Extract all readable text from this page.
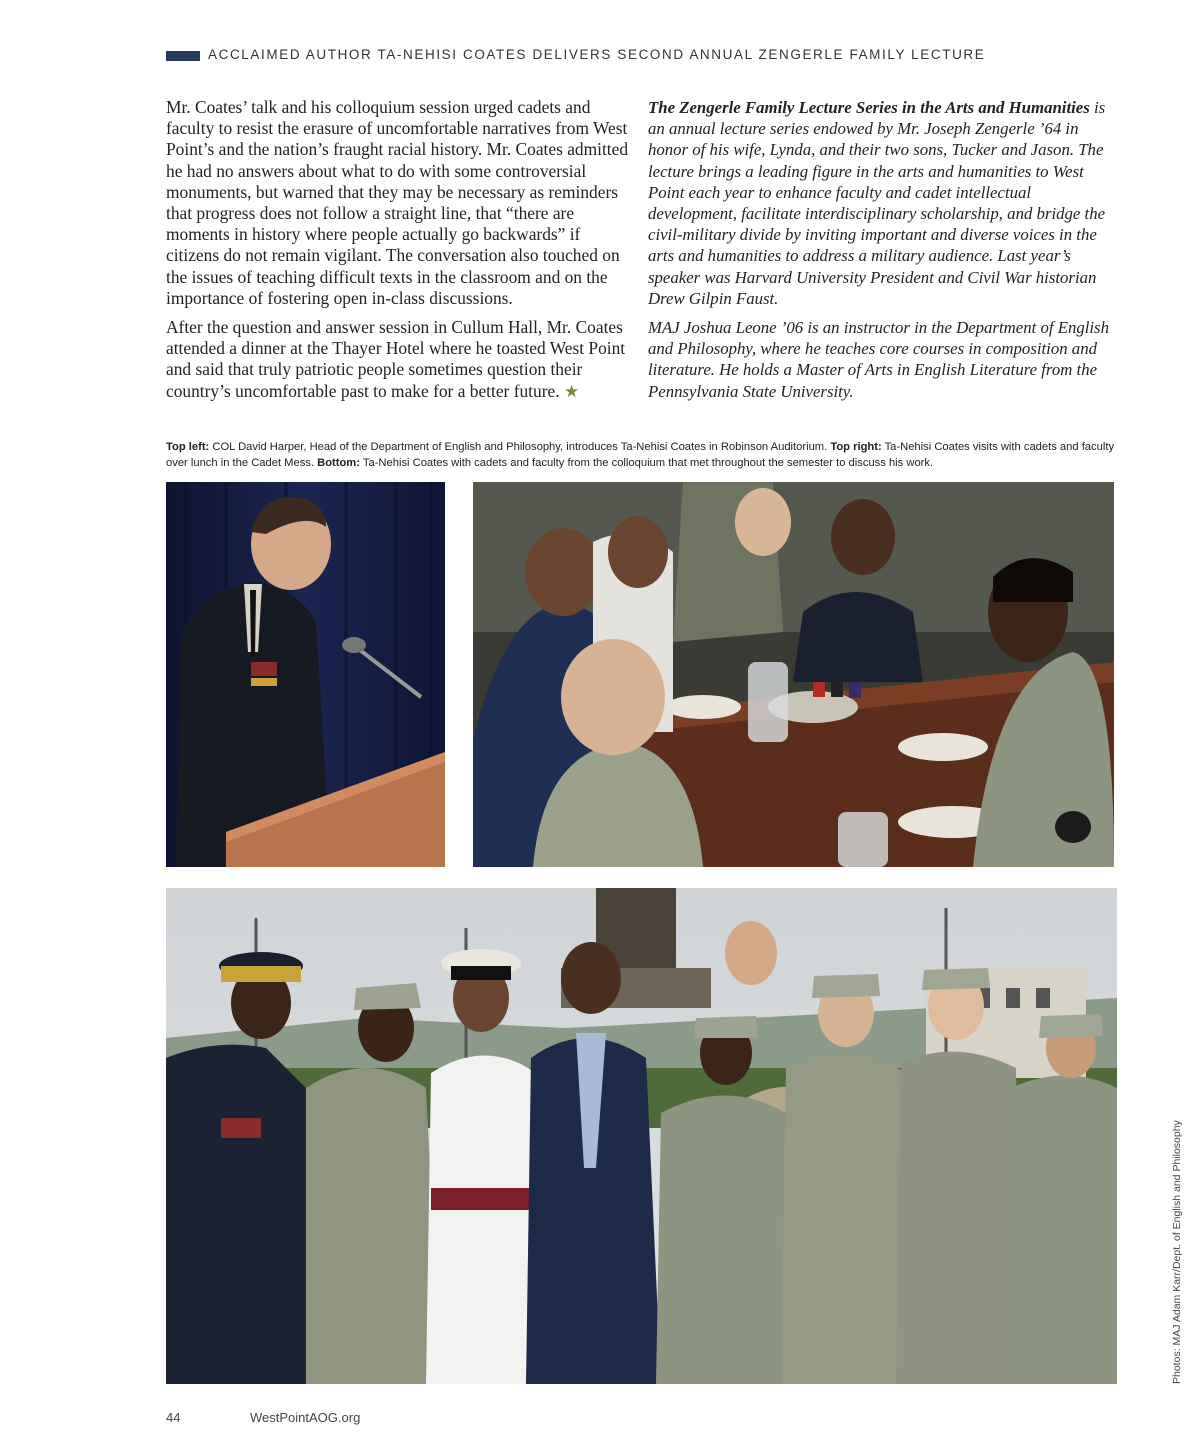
ACCLAIMED AUTHOR TA-NEHISI COATES DELIVERS SECOND ANNUAL ZENGERLE FAMILY LECTURE

Mr. Coates’ talk and his colloquium session urged cadets and faculty to resist the erasure of uncomfortable narratives from West Point’s and the nation’s fraught racial history. Mr. Coates admitted he had no answers about what to do with some controversial monuments, but warned that they may be necessary as reminders that progress does not follow a straight line, that “there are moments in history where people actually go backwards” if citizens do not remain vigilant. The conversation also touched on the issues of teaching difficult texts in the classroom and on the importance of fostering open in-class discussions.

After the question and answer session in Cullum Hall, Mr. Coates attended a dinner at the Thayer Hotel where he toasted West Point and said that truly patriotic people sometimes question their country’s uncomfortable past to make for a better future. ★

The Zengerle Family Lecture Series in the Arts and Humanities is an annual lecture series endowed by Mr. Joseph Zengerle ’64 in honor of his wife, Lynda, and their two sons, Tucker and Jason. The lecture brings a leading figure in the arts and humanities to West Point each year to enhance faculty and cadet intellectual development, facilitate interdisciplinary scholarship, and bridge the civil-military divide by inviting important and diverse voices in the arts and humanities to address a military audience. Last year’s speaker was Harvard University President and Civil War historian Drew Gilpin Faust.

MAJ Joshua Leone ’06 is an instructor in the Department of English and Philosophy, where he teaches core courses in composition and literature. He holds a Master of Arts in English Literature from the Pennsylvania State University.

Top left: COL David Harper, Head of the Department of English and Philosophy, introduces Ta-Nehisi Coates in Robinson Auditorium. Top right: Ta-Nehisi Coates visits with cadets and faculty over lunch in the Cadet Mess. Bottom: Ta-Nehisi Coates with cadets and faculty from the colloquium that met throughout the semester to discuss his work.
Photos: MAJ Adam Karr/Dept. of English and Philosophy
44	WestPointAOG.org
